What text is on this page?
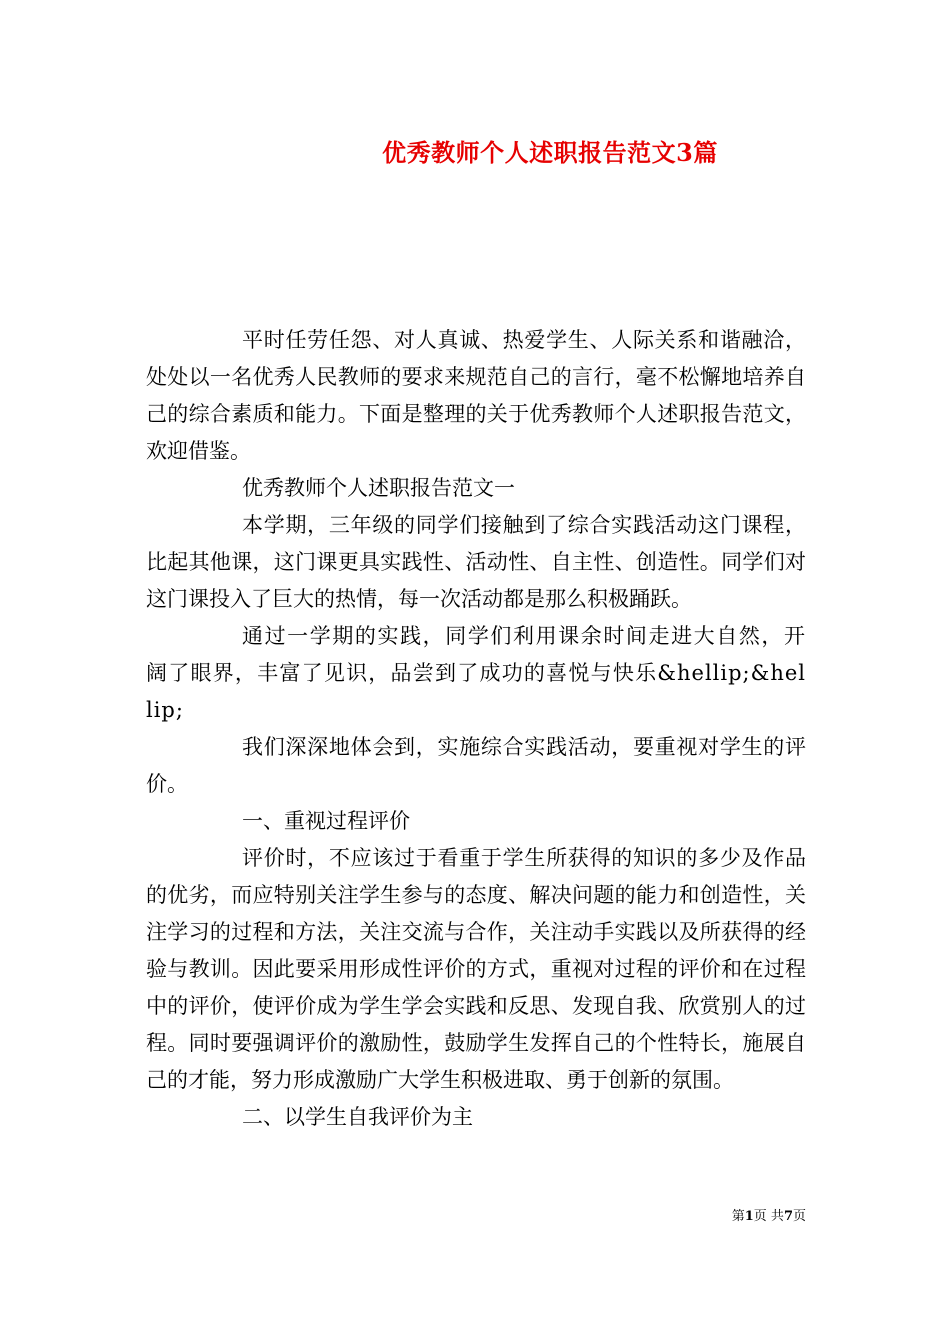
优秀教师个人述职报告范文3篇

平时任劳任怨、对人真诚、热爱学生、人际关系和谐融洽，处处以一名优秀人民教师的要求来规范自己的言行，毫不松懈地培养自己的综合素质和能力。下面是整理的关于优秀教师个人述职报告范文，欢迎借鉴。

优秀教师个人述职报告范文一

本学期，三年级的同学们接触到了综合实践活动这门课程，比起其他课，这门课更具实践性、活动性、自主性、创造性。同学们对这门课投入了巨大的热情，每一次活动都是那么积极踊跃。

通过一学期的实践，同学们利用课余时间走进大自然，开阔了眼界，丰富了见识，品尝到了成功的喜悦与快乐&hellip;&hellip;

我们深深地体会到，实施综合实践活动，要重视对学生的评价。

一、重视过程评价

评价时，不应该过于看重于学生所获得的知识的多少及作品的优劣，而应特别关注学生参与的态度、解决问题的能力和创造性，关注学习的过程和方法，关注交流与合作，关注动手实践以及所获得的经验与教训。因此要采用形成性评价的方式，重视对过程的评价和在过程中的评价，使评价成为学生学会实践和反思、发现自我、欣赏别人的过程。同时要强调评价的激励性，鼓励学生发挥自己的个性特长，施展自己的才能，努力形成激励广大学生积极进取、勇于创新的氛围。

二、以学生自我评价为主

第1页 共7页
